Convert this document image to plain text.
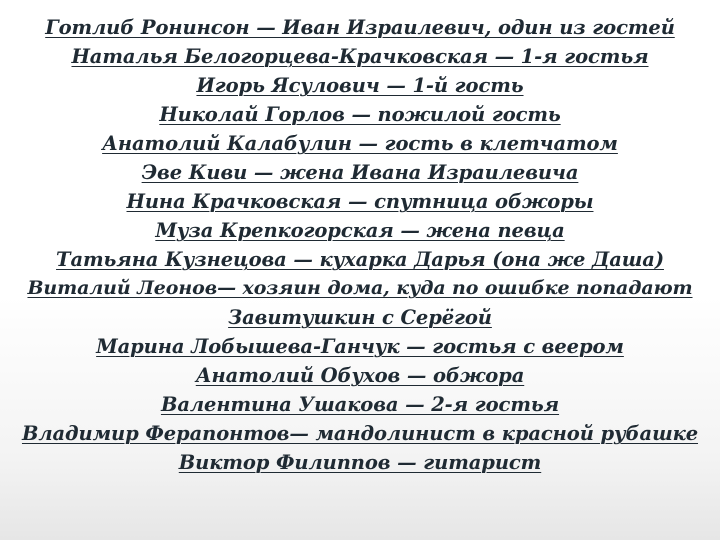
Готлиб Ронинсон — Иван Израилевич, один из гостей
Наталья Белогорцева-Крачковская — 1-я гостья
Игорь Ясулович — 1-й гость
Николай Горлов — пожилой гость
Анатолий Калабулин — гость в клетчатом
Эве Киви — жена Ивана Израилевича
Нина Крачковская — спутница обжоры
Муза Крепкогорская — жена певца
Татьяна Кузнецова — кухарка Дарья (она же Даша)
Виталий Леонов— хозяин дома, куда по ошибке попадают
Завитушкин с Серёгой
Марина Лобышева-Ганчук — гостья с веером
Анатолий Обухов — обжора
Валентина Ушакова — 2-я гостья
Владимир Ферапонтов— мандолинист в красной рубашке
Виктор Филиппов — гитарист
